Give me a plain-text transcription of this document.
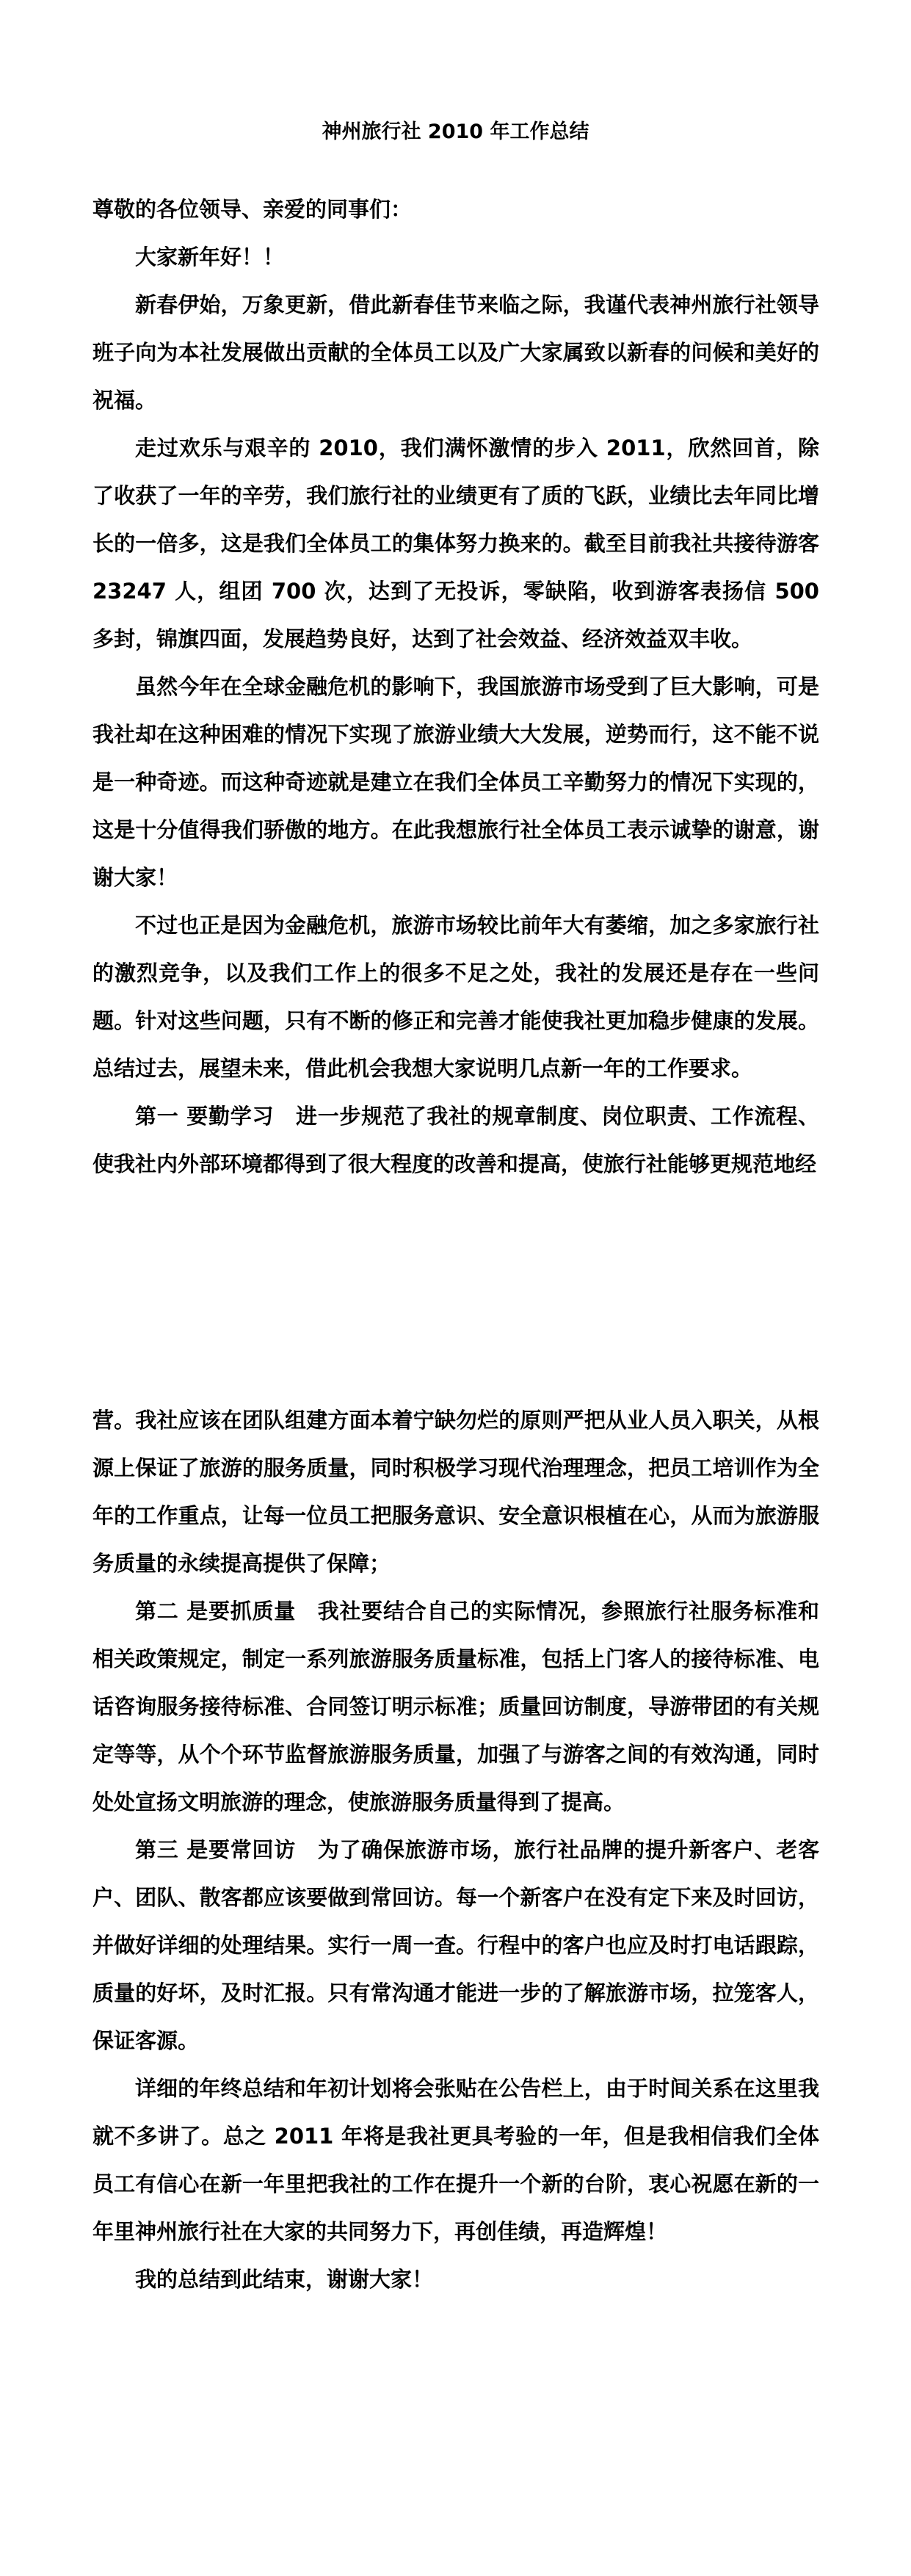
神州旅行社 2010 年工作总结

尊敬的各位领导、亲爱的同事们：

大家新年好！！

新春伊始，万象更新，借此新春佳节来临之际，我谨代表神州旅行社领导班子向为本社发展做出贡献的全体员工以及广大家属致以新春的问候和美好的祝福。

走过欢乐与艰辛的 2010，我们满怀激情的步入 2011，欣然回首，除了收获了一年的辛劳，我们旅行社的业绩更有了质的飞跃，业绩比去年同比增长的一倍多，这是我们全体员工的集体努力换来的。截至目前我社共接待游客 23247 人，组团 700 次，达到了无投诉，零缺陷，收到游客表扬信 500 多封，锦旗四面，发展趋势良好，达到了社会效益、经济效益双丰收。

虽然今年在全球金融危机的影响下，我国旅游市场受到了巨大影响，可是我社却在这种困难的情况下实现了旅游业绩大大发展，逆势而行，这不能不说是一种奇迹。而这种奇迹就是建立在我们全体员工辛勤努力的情况下实现的，这是十分值得我们骄傲的地方。在此我想旅行社全体员工表示诚挚的谢意，谢谢大家！

不过也正是因为金融危机，旅游市场较比前年大有萎缩，加之多家旅行社的激烈竞争，以及我们工作上的很多不足之处，我社的发展还是存在一些问题。针对这些问题，只有不断的修正和完善才能使我社更加稳步健康的发展。总结过去，展望未来，借此机会我想大家说明几点新一年的工作要求。

第一 要勤学习　进一步规范了我社的规章制度、岗位职责、工作流程、使我社内外部环境都得到了很大程度的改善和提高，使旅行社能够更规范地经

营。我社应该在团队组建方面本着宁缺勿烂的原则严把从业人员入职关，从根源上保证了旅游的服务质量，同时积极学习现代治理理念，把员工培训作为全年的工作重点，让每一位员工把服务意识、安全意识根植在心，从而为旅游服务质量的永续提高提供了保障；

第二 是要抓质量　我社要结合自己的实际情况，参照旅行社服务标准和相关政策规定，制定一系列旅游服务质量标准，包括上门客人的接待标准、电话咨询服务接待标准、合同签订明示标准；质量回访制度，导游带团的有关规定等等，从个个环节监督旅游服务质量，加强了与游客之间的有效沟通，同时处处宣扬文明旅游的理念，使旅游服务质量得到了提高。

第三 是要常回访　为了确保旅游市场，旅行社品牌的提升新客户、老客户、团队、散客都应该要做到常回访。每一个新客户在没有定下来及时回访，并做好详细的处理结果。实行一周一查。行程中的客户也应及时打电话跟踪，质量的好坏，及时汇报。只有常沟通才能进一步的了解旅游市场，拉笼客人，保证客源。

详细的年终总结和年初计划将会张贴在公告栏上，由于时间关系在这里我就不多讲了。总之 2011 年将是我社更具考验的一年，但是我相信我们全体员工有信心在新一年里把我社的工作在提升一个新的台阶，衷心祝愿在新的一年里神州旅行社在大家的共同努力下，再创佳绩，再造辉煌！

我的总结到此结束，谢谢大家！
